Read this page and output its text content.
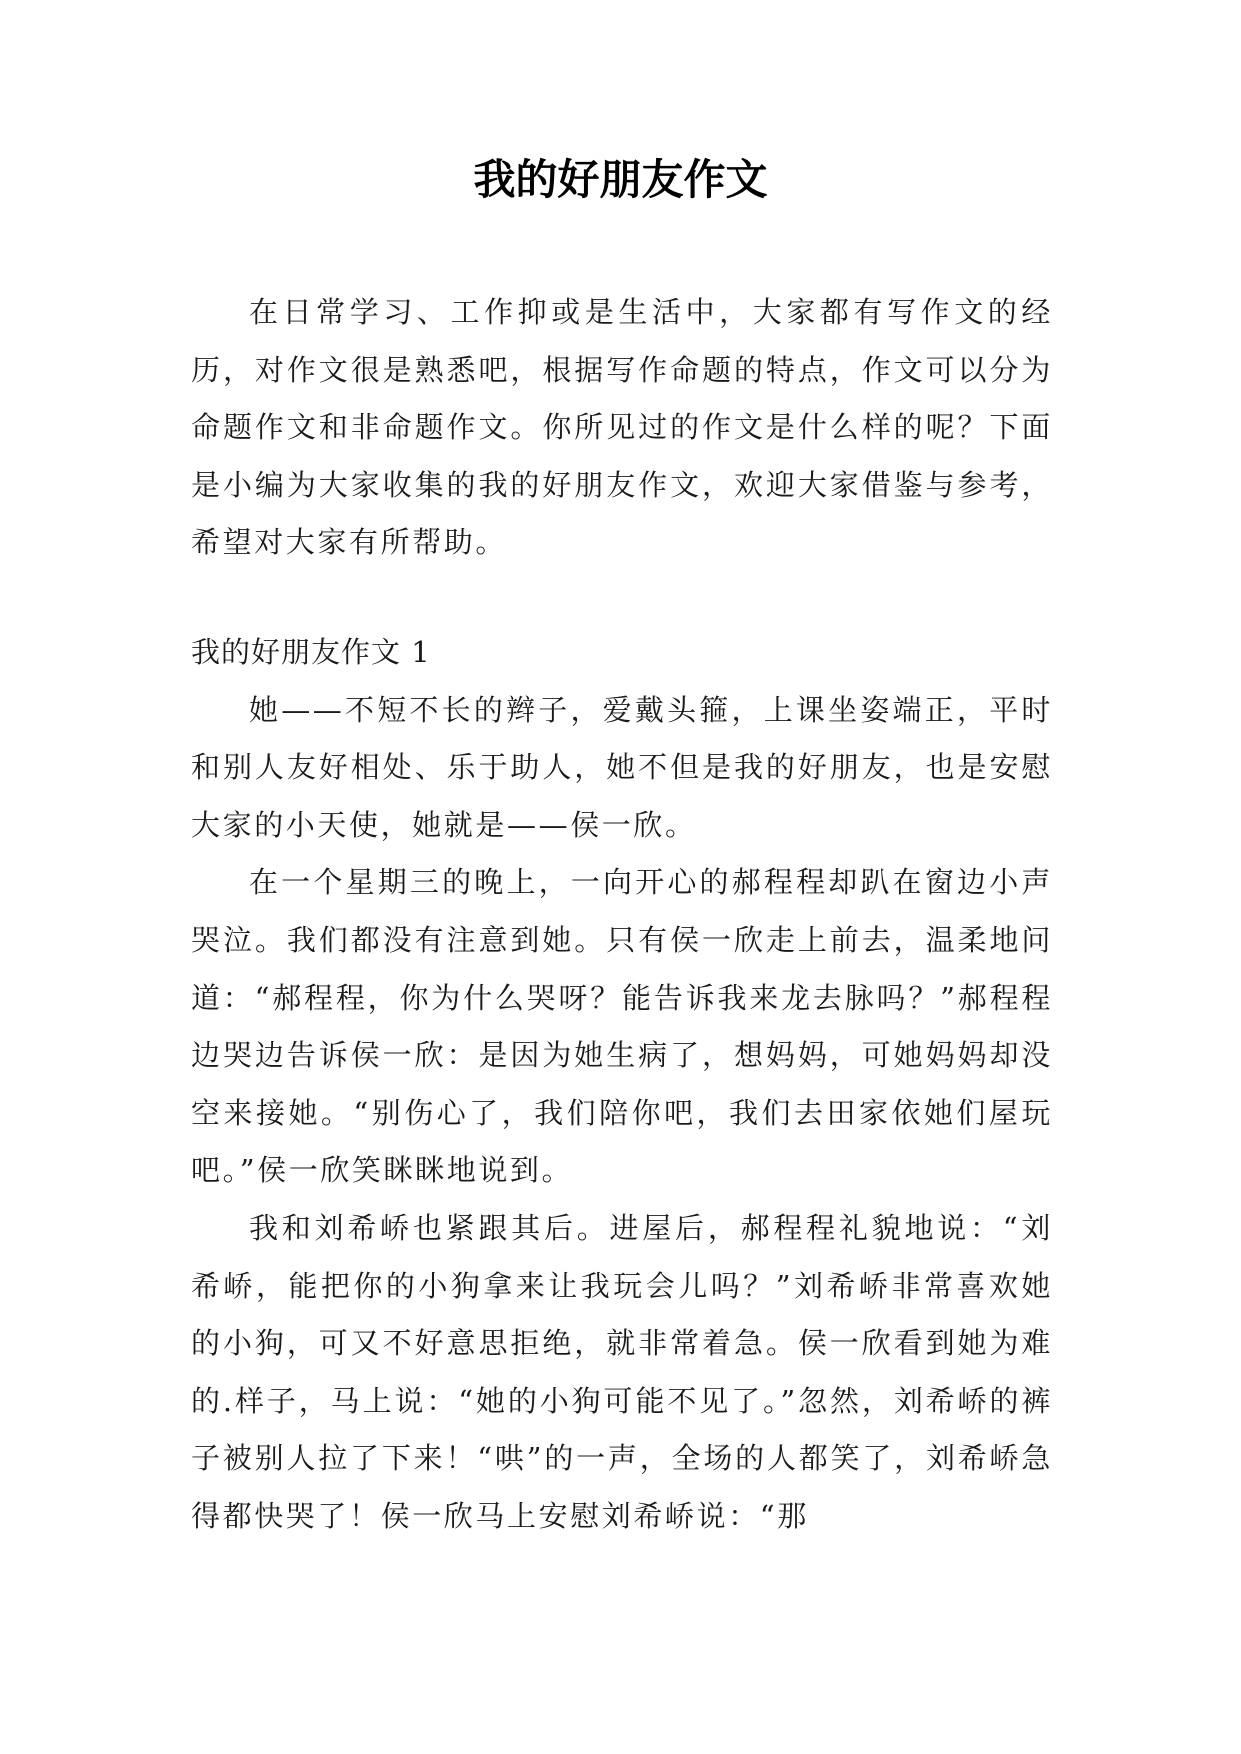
我的好朋友作文

在日常学习、工作抑或是生活中，大家都有写作文的经历，对作文很是熟悉吧，根据写作命题的特点，作文可以分为命题作文和非命题作文。你所见过的作文是什么样的呢？下面是小编为大家收集的我的好朋友作文，欢迎大家借鉴与参考，希望对大家有所帮助。

我的好朋友作文 1

她——不短不长的辫子，爱戴头箍，上课坐姿端正，平时和别人友好相处、乐于助人，她不但是我的好朋友，也是安慰大家的小天使，她就是——侯一欣。

在一个星期三的晚上，一向开心的郝程程却趴在窗边小声哭泣。我们都没有注意到她。只有侯一欣走上前去，温柔地问道：“郝程程，你为什么哭呀？能告诉我来龙去脉吗？”郝程程边哭边告诉侯一欣：是因为她生病了，想妈妈，可她妈妈却没空来接她。“别伤心了，我们陪你吧，我们去田家依她们屋玩吧。”侯一欣笑眯眯地说到。

我和刘希峤也紧跟其后。进屋后，郝程程礼貌地说：“刘希峤，能把你的小狗拿来让我玩会儿吗？”刘希峤非常喜欢她的小狗，可又不好意思拒绝，就非常着急。侯一欣看到她为难的.样子，马上说：“她的小狗可能不见了。”忽然，刘希峤的裤子被别人拉了下来！“哄”的一声，全场的人都笑了，刘希峤急得都快哭了！侯一欣马上安慰刘希峤说：“那
